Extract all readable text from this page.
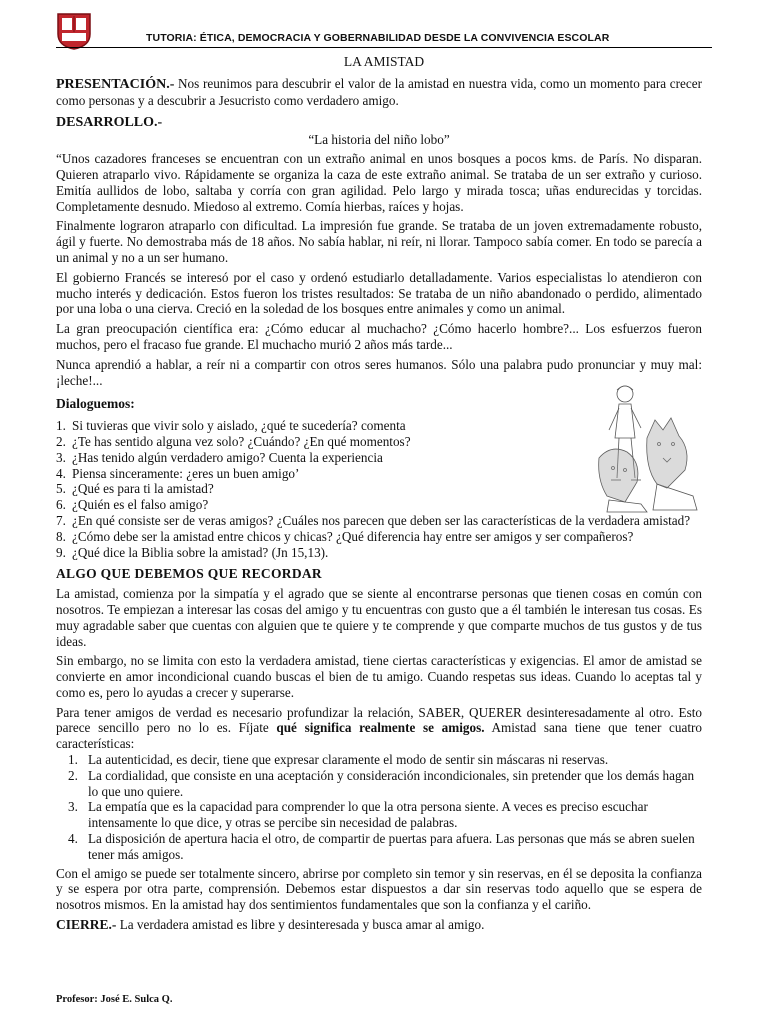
TUTORIA: ÉTICA, DEMOCRACIA Y GOBERNABILIDAD DESDE LA CONVIVENCIA ESCOLAR
LA AMISTAD

PRESENTACIÓN.- Nos reunimos para descubrir el valor de la amistad en nuestra vida, como un momento para crecer como personas y a descubrir a Jesucristo como verdadero amigo.

DESARROLLO.-
“La historia del niño lobo”

“Unos cazadores franceses se encuentran con un extraño animal en unos bosques a pocos kms. de París. No disparan. Quieren atraparlo vivo. Rápidamente se organiza la caza de este extraño animal. Se trataba de un ser extraño y curioso. Emitía aullidos de lobo, saltaba y corría con gran agilidad. Pelo largo y mirada tosca; uñas endurecidas y torcidas. Completamente desnudo. Miedoso al extremo. Comía hierbas, raíces y hojas.

Finalmente lograron atraparlo con dificultad. La impresión fue grande. Se trataba de un joven extremadamente robusto, ágil y fuerte. No demostraba más de 18 años. No sabía hablar, ni reír, ni llorar. Tampoco sabía comer. En todo se parecía a un animal y no a un ser humano.

El gobierno Francés se interesó por el caso y ordenó estudiarlo detalladamente. Varios especialistas lo atendieron con mucho interés y dedicación. Estos fueron los tristes resultados: Se trataba de un niño abandonado o perdido, alimentado por una loba o una cierva. Creció en la soledad de los bosques entre animales y como un animal.

La gran preocupación científica era: ¿Cómo educar al muchacho? ¿Cómo hacerlo hombre?... Los esfuerzos fueron muchos, pero el fracaso fue grande. El muchacho murió 2 años más tarde...

Nunca aprendió a hablar, a reír ni a compartir con otros seres humanos. Sólo una palabra pudo pronunciar y muy mal: ¡leche!...

Dialoguemos:
1. Si tuvieras que vivir solo y aislado, ¿qué te sucedería? comenta
2. ¿Te has sentido alguna vez solo? ¿Cuándo? ¿En qué momentos?
3. ¿Has tenido algún verdadero amigo? Cuenta la experiencia
4. Piensa sinceramente: ¿eres un buen amigo’
5. ¿Qué es para ti la amistad?
6. ¿Quién es el falso amigo?
7. ¿En qué consiste ser de veras amigos? ¿Cuáles nos parecen que deben ser las características de la verdadera amistad?
8. ¿Cómo debe ser la amistad entre chicos y chicas? ¿Qué diferencia hay entre ser amigos y ser compañeros?
9. ¿Qué dice la Biblia sobre la amistad? (Jn 15,13).
ALGO QUE DEBEMOS QUE RECORDAR

La amistad, comienza por la simpatía y el agrado que se siente al encontrarse personas que tienen cosas en común con nosotros. Te empiezan a interesar las cosas del amigo y tu encuentras con gusto que a él también le interesan tus cosas. Es muy agradable saber que cuentas con alguien que te quiere y te comprende y que comparte muchos de tus gustos y de tus ideas.

Sin embargo, no se limita con esto la verdadera amistad, tiene ciertas características y exigencias. El amor de amistad se convierte en amor incondicional cuando buscas el bien de tu amigo. Cuando respetas sus ideas. Cuando lo aceptas tal y como es, pero lo ayudas a crecer y superarse.

Para tener amigos de verdad es necesario profundizar la relación, SABER, QUERER desinteresadamente al otro. Esto parece sencillo pero no lo es. Fíjate qué significa realmente se amigos. Amistad sana tiene que tener cuatro características:

1. La autenticidad, es decir, tiene que expresar claramente el modo de sentir sin máscaras ni reservas.
2. La cordialidad, que consiste en una aceptación y consideración incondicionales, sin pretender que los demás hagan lo que uno quiere.
3. La empatía que es la capacidad para comprender lo que la otra persona siente. A veces es preciso escuchar intensamente lo que dice, y otras se percibe sin necesidad de palabras.
4. La disposición de apertura hacia el otro, de compartir de puertas para afuera. Las personas que más se abren suelen tener más amigos.

Con el amigo se puede ser totalmente sincero, abrirse por completo sin temor y sin reservas, en él se deposita la confianza y se espera por otra parte, comprensión. Debemos estar dispuestos a dar sin reservas todo aquello que se espera de nosotros mismos. En la amistad hay dos sentimientos fundamentales que son la confianza y el cariño.

CIERRE.- La verdadera amistad es libre y desinteresada y busca amar al amigo.

Profesor: José E. Sulca Q.
